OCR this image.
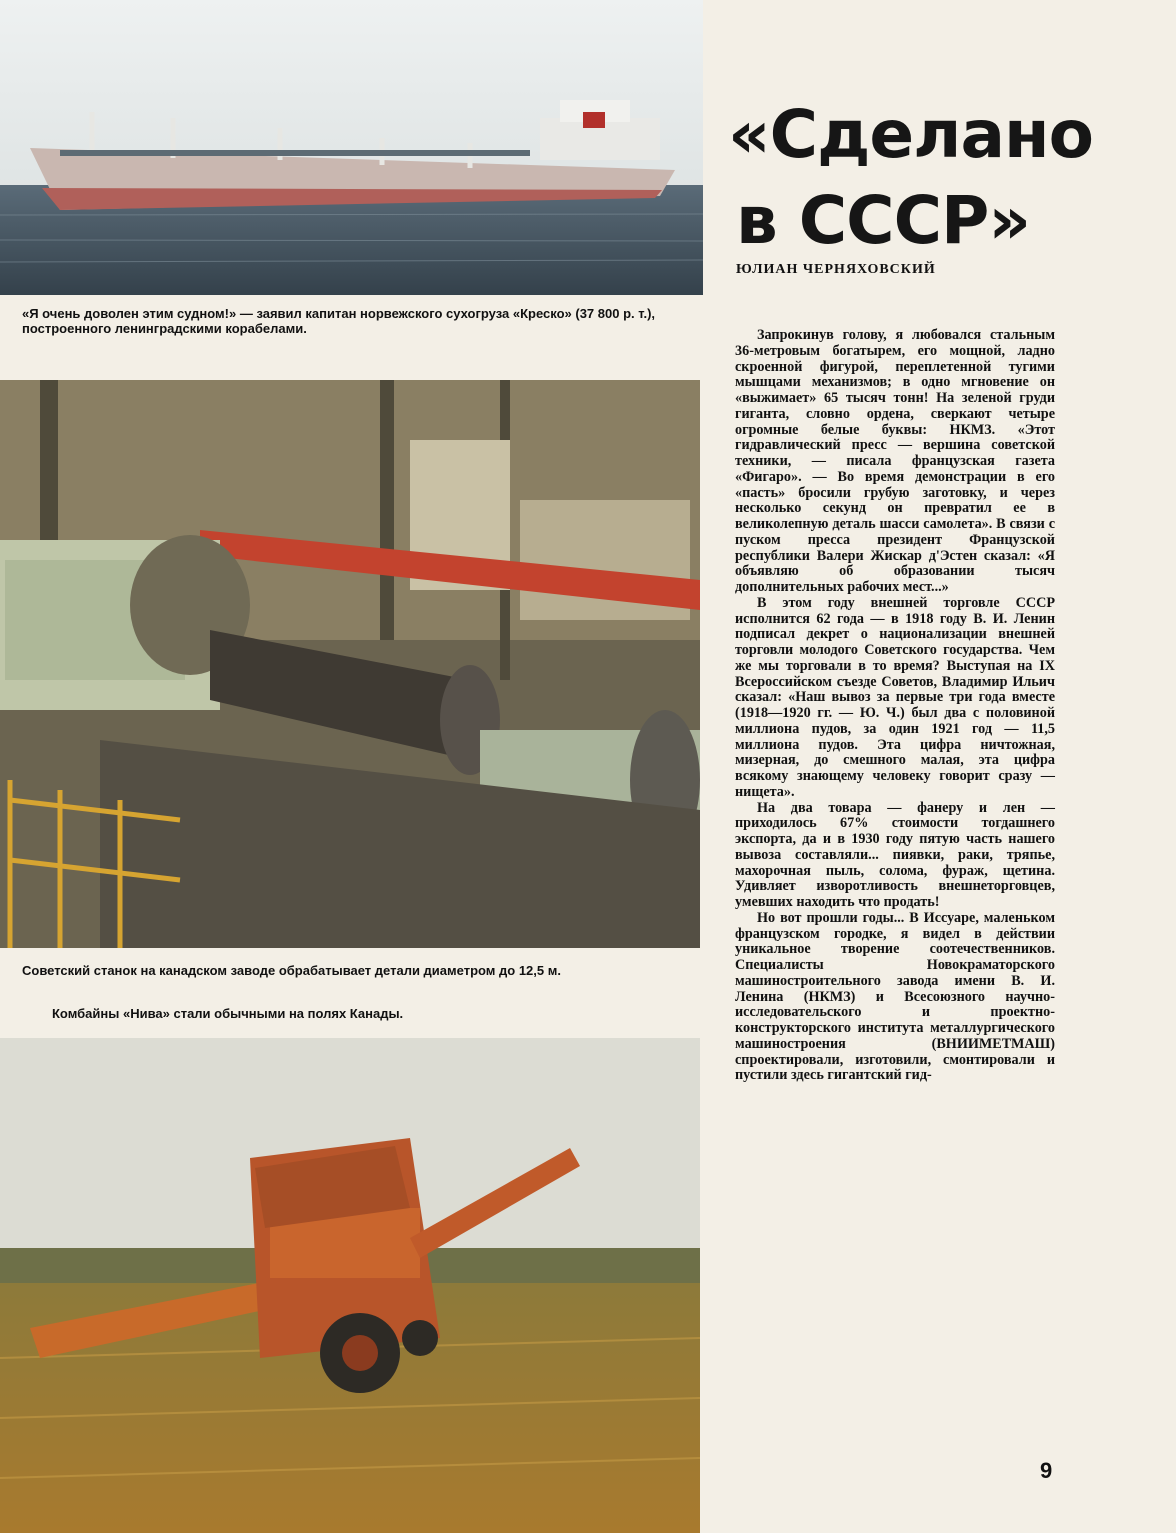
«Я очень доволен этим судном!» — заявил капитан норвежского сухогруза «Креско» (37 800 р. т.), построенного ленинградскими корабелами.
«Сделано
в СССР»
ЮЛИАН ЧЕРНЯХОВСКИЙ
Советский станок на канадском заводе обрабатывает детали диаметром до 12,5 м.
Комбайны «Нива» стали обычными на полях Канады.

Запрокинув голову, я любовался стальным 36-метровым богатырем, его мощной, ладно скроенной фигурой, переплетенной тугими мышцами механизмов; в одно мгновение он «выжимает» 65 тысяч тонн! На зеленой груди гиганта, словно ордена, сверкают четыре огромные белые буквы: НКМЗ. «Этот гидравлический пресс — вершина советской техники, — писала французская газета «Фигаро». — Во время демонстрации в его «пасть» бросили грубую заготовку, и через несколько секунд он превратил ее в великолепную деталь шасси самолета». В связи с пуском пресса президент Французской республики Валери Жискар д'Эстен сказал: «Я объявляю об образовании тысяч дополнительных рабочих мест...»

В этом году внешней торговле СССР исполнится 62 года — в 1918 году В. И. Ленин подписал декрет о национализации внешней торговли молодого Советского государства. Чем же мы торговали в то время? Выступая на IX Всероссийском съезде Советов, Владимир Ильич сказал: «Наш вывоз за первые три года вместе (1918—1920 гг. — Ю. Ч.) был два с половиной миллиона пудов, за один 1921 год — 11,5 миллиона пудов. Эта цифра ничтожная, мизерная, до смешного малая, эта цифра всякому знающему человеку говорит сразу — нищета».

На два товара — фанеру и лен — приходилось 67% стоимости тогдашнего экспорта, да и в 1930 году пятую часть нашего вывоза составляли... пиявки, раки, тряпье, махорочная пыль, солома, фураж, щетина. Удивляет изворотливость внешнеторговцев, умевших находить что продать!

Но вот прошли годы... В Иссуаре, маленьком французском городке, я видел в действии уникальное творение соотечественников. Специалисты Новокраматорского машиностроительного завода имени В. И. Ленина (НКМЗ) и Всесоюзного научно-исследовательского и проектно-конструкторского института металлургического машиностроения (ВНИИМЕТМАШ) спроектировали, изготовили, смонтировали и пустили здесь гигантский гид-

9
